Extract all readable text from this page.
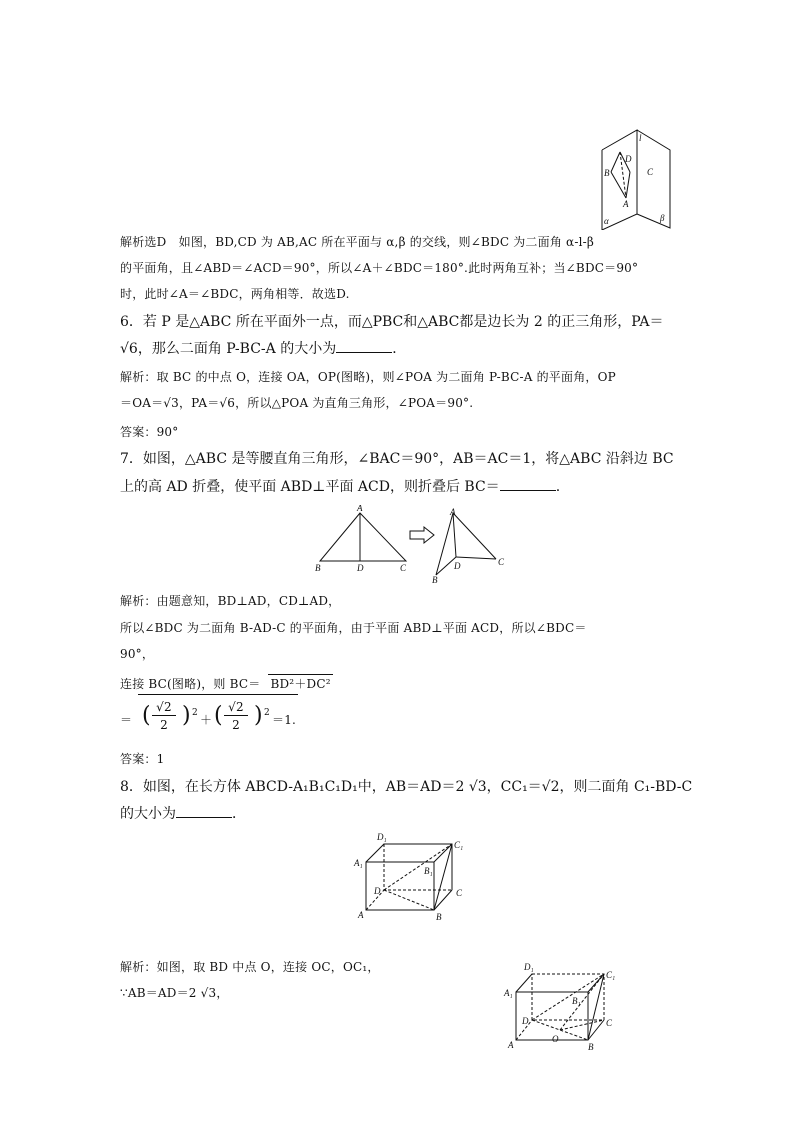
l
D
B	C
A
α	β
解析选D　如图，BD,CD 为 AB,AC 所在平面与 α,β 的交线，则∠BDC 为二面角 α-l-β
的平面角，且∠ABD＝∠ACD＝90°，所以∠A＋∠BDC＝180°.此时两角互补；当∠BDC＝90°
时，此时∠A＝∠BDC，两角相等．故选D.
6．若 P 是△ABC 所在平面外一点，而△PBC和△ABC都是边长为 2 的正三角形，PA＝
√6，那么二面角 P-BC-A 的大小为	．
解析：取 BC 的中点 O，连接 OA，OP(图略)，则∠POA 为二面角 P-BC-A 的平面角，OP
＝OA＝√3，PA＝√6，所以△POA 为直角三角形，∠POA＝90°.
答案：90°
7．如图，△ABC 是等腰直角三角形，∠BAC＝90°，AB＝AC＝1，将△ABC 沿斜边 BC
上的高 AD 折叠，使平面 ABD⊥平面 ACD，则折叠后 BC＝	.
A
B	D	C
A
B
D	C
解析：由题意知，BD⊥AD，CD⊥AD，
所以∠BDC 为二面角 B-AD-C 的平面角，由于平面 ABD⊥平面 ACD，所以∠BDC＝
90°，
连接 BC(图略)，则 BC＝ BD²＋DC²
＝ ( √2
2 ) 2 ＋ ( √2
2 ) 2 ＝1.
答案：1
8．如图，在长方体 ABCD-A₁B₁C₁D₁中，AB＝AD＝2 √3，CC₁＝√2，则二面角 C₁-BD-C
的大小为	．
D₁
C₁
A₁
B₁
D	C
A	B
解析：如图，取 BD 中点 O，连接 OC，OC₁，
∵AB＝AD＝2 √3，
D₁
C₁
A₁
B₁
D	C
O
A	B
